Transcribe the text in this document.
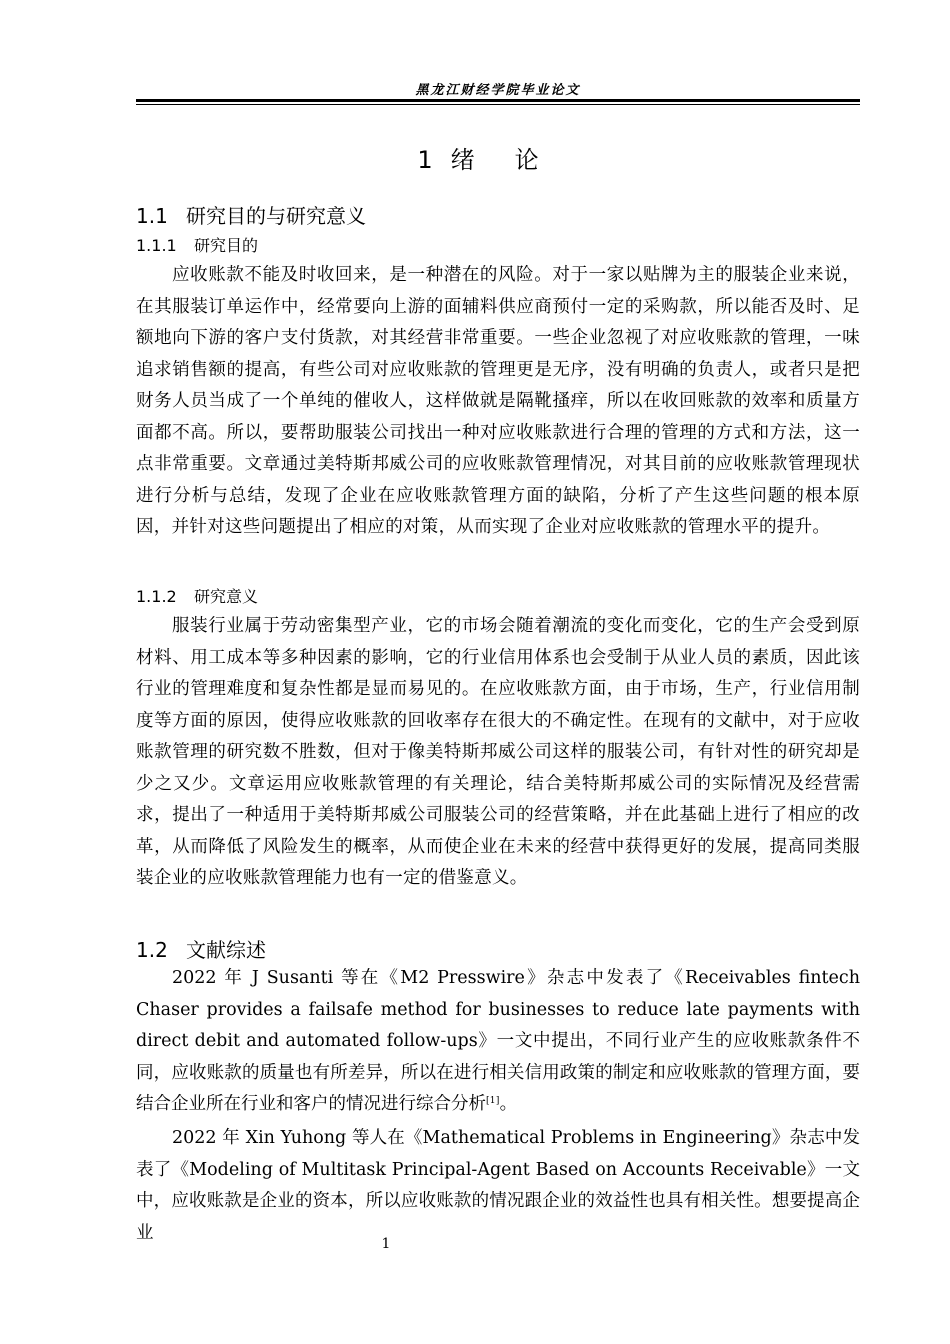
黑龙江财经学院毕业论文
1 绪论
1.1 研究目的与研究意义
1.1.1 研究目的
应收账款不能及时收回来，是一种潜在的风险。对于一家以贴牌为主的服装企业来说，在其服装订单运作中，经常要向上游的面辅料供应商预付一定的采购款，所以能否及时、足额地向下游的客户支付货款，对其经营非常重要。一些企业忽视了对应收账款的管理，一味追求销售额的提高，有些公司对应收账款的管理更是无序，没有明确的负责人，或者只是把财务人员当成了一个单纯的催收人，这样做就是隔靴搔痒，所以在收回账款的效率和质量方面都不高。所以，要帮助服装公司找出一种对应收账款进行合理的管理的方式和方法，这一点非常重要。文章通过美特斯邦威公司的应收账款管理情况，对其目前的应收账款管理现状进行分析与总结，发现了企业在应收账款管理方面的缺陷，分析了产生这些问题的根本原因，并针对这些问题提出了相应的对策，从而实现了企业对应收账款的管理水平的提升。
1.1.2 研究意义
服装行业属于劳动密集型产业，它的市场会随着潮流的变化而变化，它的生产会受到原材料、用工成本等多种因素的影响，它的行业信用体系也会受制于从业人员的素质，因此该行业的管理难度和复杂性都是显而易见的。在应收账款方面，由于市场，生产，行业信用制度等方面的原因，使得应收账款的回收率存在很大的不确定性。在现有的文献中，对于应收账款管理的研究数不胜数，但对于像美特斯邦威公司这样的服装公司，有针对性的研究却是少之又少。文章运用应收账款管理的有关理论，结合美特斯邦威公司的实际情况及经营需求，提出了一种适用于美特斯邦威公司服装公司的经营策略，并在此基础上进行了相应的改革，从而降低了风险发生的概率，从而使企业在未来的经营中获得更好的发展，提高同类服装企业的应收账款管理能力也有一定的借鉴意义。
1.2 文献综述
2022 年 J Susanti 等在《M2 Presswire》杂志中发表了《Receivables fintech Chaser provides a failsafe method for businesses to reduce late payments with direct debit and automated follow-ups》一文中提出，不同行业产生的应收账款条件不同，应收账款的质量也有所差异，所以在进行相关信用政策的制定和应收账款的管理方面，要结合企业所在行业和客户的情况进行综合分析[1]。
2022 年 Xin Yuhong 等人在《Mathematical Problems in Engineering》杂志中发表了《Modeling of Multitask Principal-Agent Based on Accounts Receivable》一文中，应收账款是企业的资本，所以应收账款的情况跟企业的效益性也具有相关性。想要提高企业
1
